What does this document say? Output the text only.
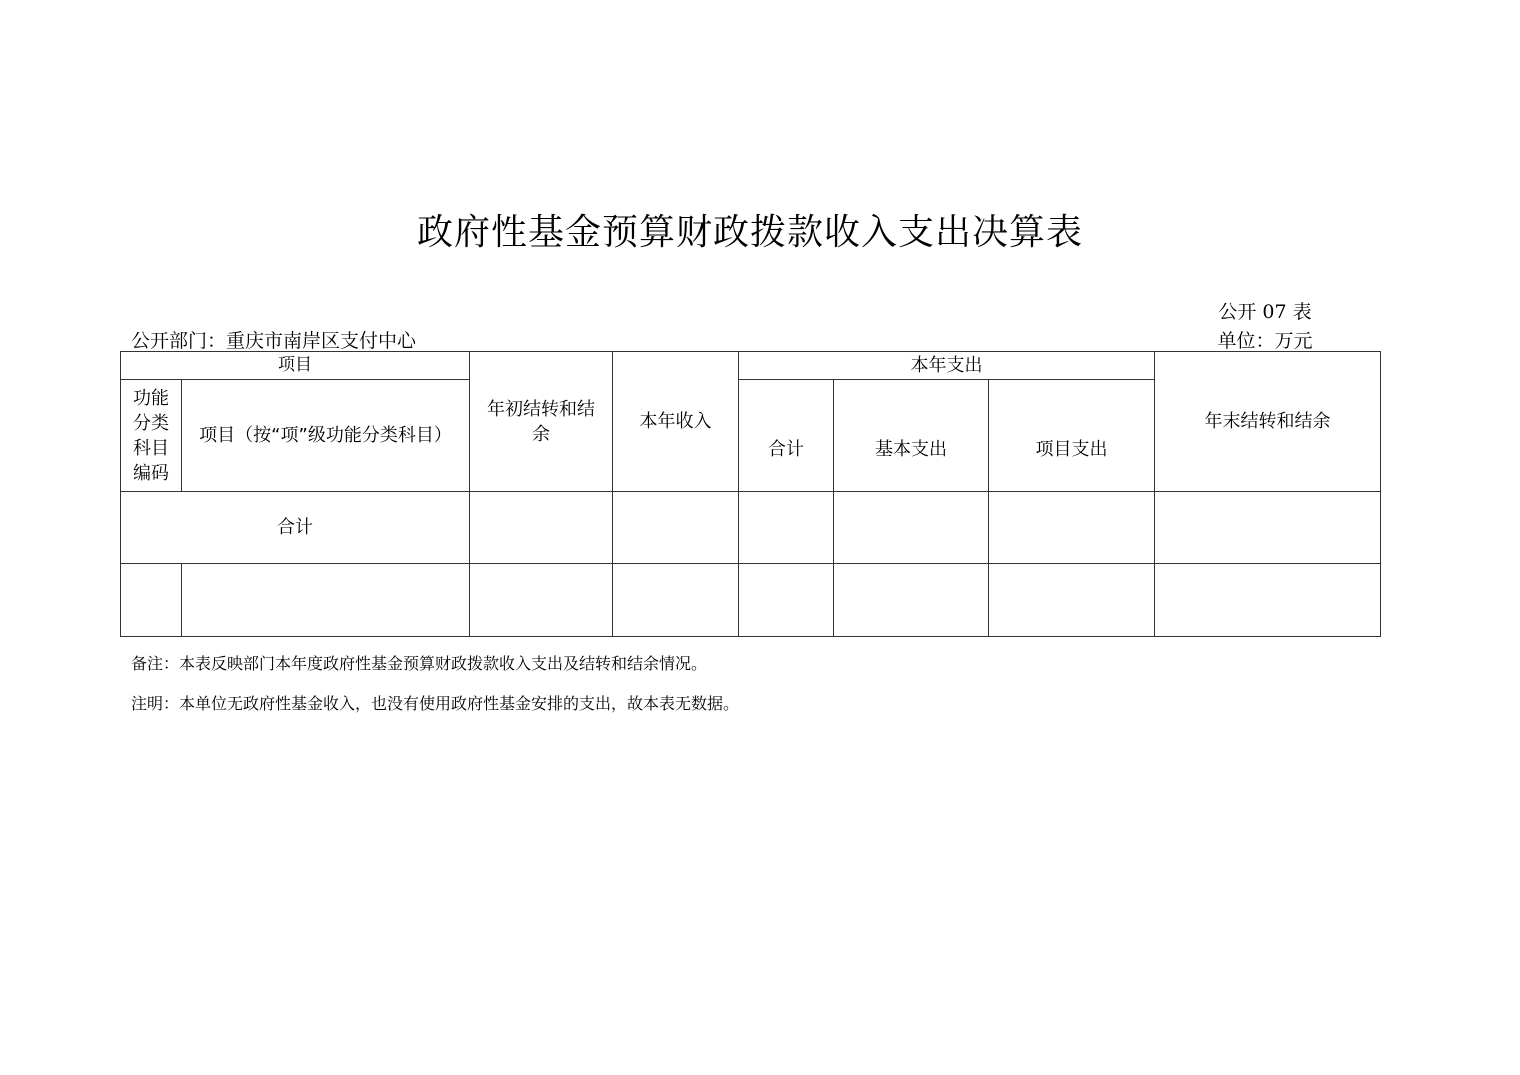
政府性基金预算财政拨款收入支出决算表
公开 07 表
单位：万元
公开部门：重庆市南岸区支付中心
项目		年初结转和结余	本年收入	本年支出			年末结转和结余
功能分类科目编码	项目（按“项”级功能分类科目）			合计	基本支出	项目支出	
合计							

备注：本表反映部门本年度政府性基金预算财政拨款收入支出及结转和结余情况。
注明：本单位无政府性基金收入，也没有使用政府性基金安排的支出，故本表无数据。
